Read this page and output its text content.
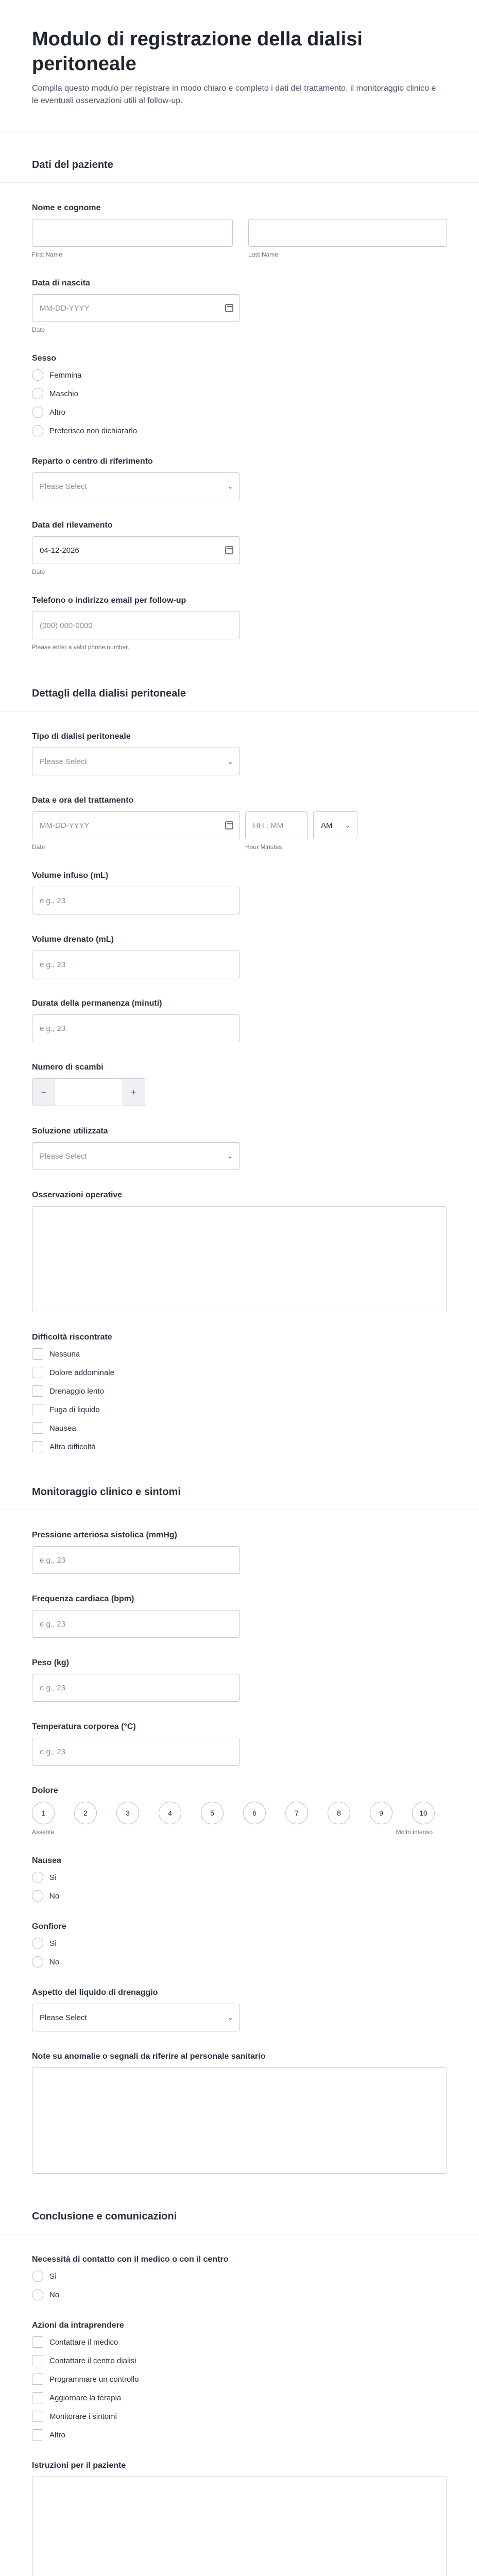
Modulo di registrazione della dialisi peritoneale

Compila questo modulo per registrare in modo chiaro e completo i dati del trattamento, il monitoraggio clinico e le eventuali osservazioni utili al follow-up.

Dati del paziente
Nome e cognome
First Name	Last Name
Data di nascita
MM-DD-YYYY
Date
Sesso
Femmina
Maschio
Altro
Preferisco non dichiararlo
Reparto o centro di riferimento
Please Select	⌄
Data del rilevamento
04-12-2026
Date
Telefono o indirizzo email per follow-up
(000) 000-0000
Please enter a valid phone number.
Dettagli della dialisi peritoneale
Tipo di dialisi peritoneale
Please Select	⌄
Data e ora del trattamento
MM-DD-YYYY
Date
HH : MM
Hour Minutes
AM ⌄
Volume infuso (mL)
e.g., 23
Volume drenato (mL)
e.g., 23
Durata della permanenza (minuti)
e.g., 23
Numero di scambi
−	+
Soluzione utilizzata
Please Select	⌄
Osservazioni operative
Difficoltà riscontrate
Nessuna
Dolore addominale
Drenaggio lento
Fuga di liquido
Nausea
Altra difficoltà
Monitoraggio clinico e sintomi
Pressione arteriosa sistolica (mmHg)
e.g., 23
Frequenza cardiaca (bpm)
e.g., 23
Peso (kg)
e.g., 23
Temperatura corporea (°C)
e.g., 23
Dolore
1	2	3	4	5	6	7	8	9	10
Assente	Molto intenso
Nausea
Sì
No
Gonfiore
Sì
No
Aspetto del liquido di drenaggio
Please Select	⌄
Note su anomalie o segnali da riferire al personale sanitario
Conclusione e comunicazioni
Necessità di contatto con il medico o con il centro
Sì
No
Azioni da intraprendere
Contattare il medico
Contattare il centro dialisi
Programmare un controllo
Aggiornare la terapia
Monitorare i sintomi
Altro
Istruzioni per il paziente
